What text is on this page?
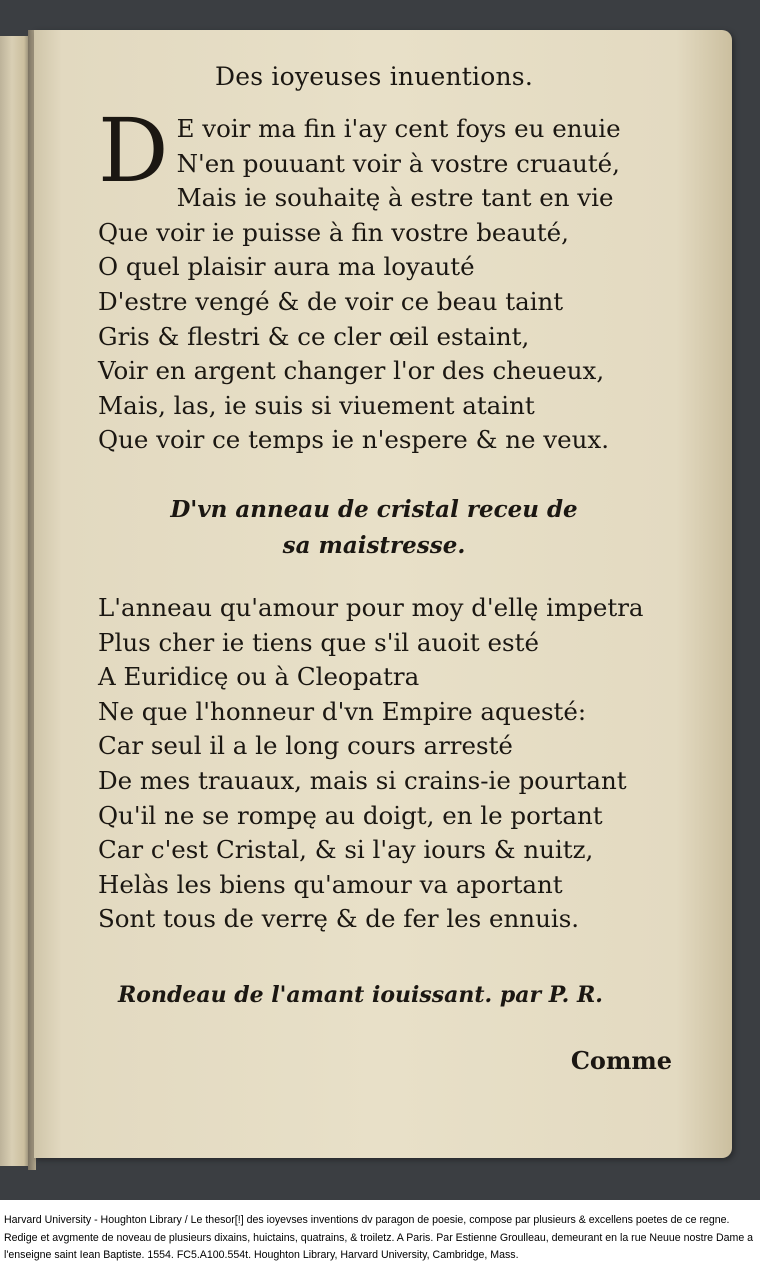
Des ioyeuses inuentions.
D E voir ma fin i'ay cent foys eu enuie
N'en pouuant voir à vostre cruauté,
Mais ie souhaitę à estre tant en vie
Que voir ie puisse à fin vostre beauté,
O quel plaisir aura ma loyauté
D'estre vengé & de voir ce beau taint
Gris & flestri & ce cler œil estaint,
Voir en argent changer l'or des cheueux,
Mais, las, ie suis si viuement ataint
Que voir ce temps ie n'espere & ne veux.
D'vn anneau de cristal receu de
sa maistresse.
L'anneau qu'amour pour moy d'ellę impetra
Plus cher ie tiens que s'il auoit esté
A Euridicę ou à Cleopatra
Ne que l'honneur d'vn Empire aquesté:
Car seul il a le long cours arresté
De mes trauaux, mais si crains-ie pourtant
Qu'il ne se rompę au doigt, en le portant
Car c'est Cristal, & si l'ay iours & nuitz,
Helàs les biens qu'amour va aportant
Sont tous de verrę & de fer les ennuis.
Rondeau de l'amant iouissant. par P. R.
Comme
Harvard University - Houghton Library / Le thesor[!] des ioyevses inventions dv paragon de poesie, compose par plusieurs & excellens poetes de ce regne. Redige et avgmente de noveau de plusieurs dixains, huictains, quatrains, & troiletz. A Paris. Par Estienne Groulleau, demeurant en la rue Neuue nostre Dame a l'enseigne saint Iean Baptiste. 1554. FC5.A100.554t. Houghton Library, Harvard University, Cambridge, Mass.
